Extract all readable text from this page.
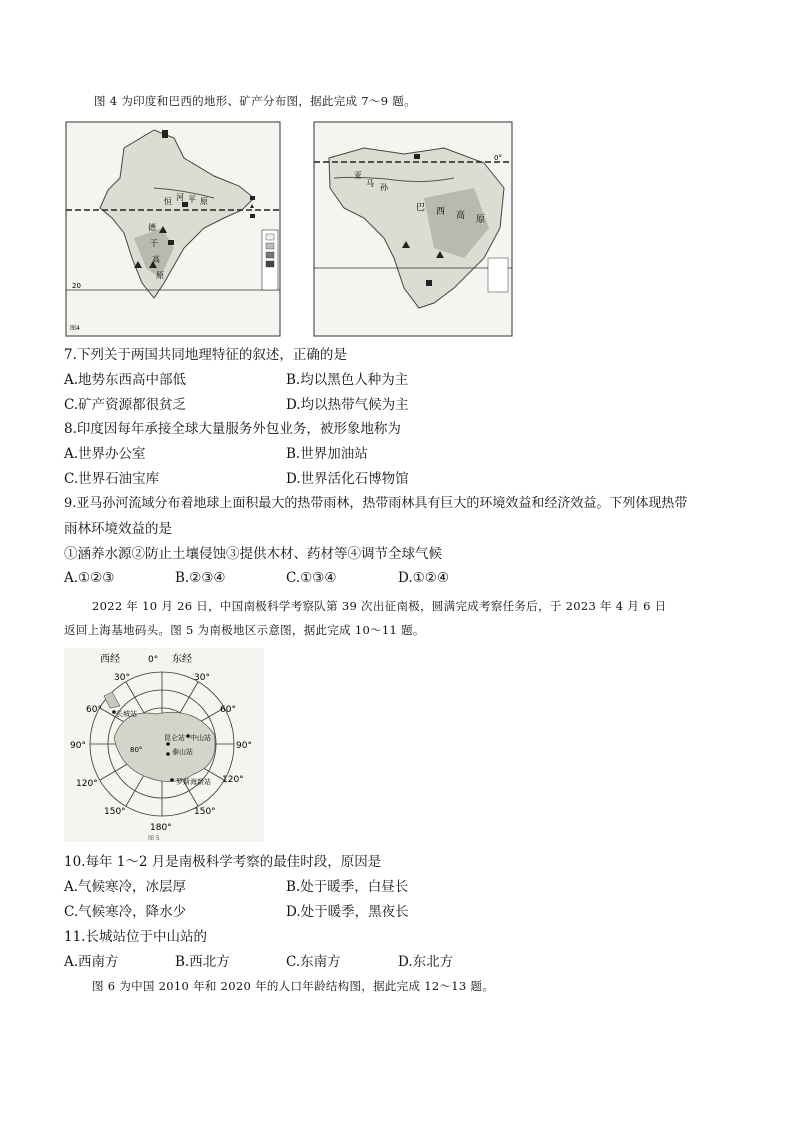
图 4 为印度和巴西的地形、矿产分布图，据此完成 7～9 题。
20
恒 河 平 原
德
干
高
原
图4
0°
亚
马 孙
巴 西 高 原
7.下列关于两国共同地理特征的叙述，正确的是
A.地势东西高中部低	B.均以黑色人种为主
C.矿产资源都很贫乏	D.均以热带气候为主
8.印度因每年承接全球大量服务外包业务，被形象地称为
A.世界办公室	B.世界加油站
C.世界石油宝库	D.世界活化石博物馆
9.亚马孙河流域分布着地球上面积最大的热带雨林，热带雨林具有巨大的环境效益和经济效益。下列体现热带
雨林环境效益的是
①涵养水源②防止土壤侵蚀③提供木材、药材等④调节全球气候
A.①②③	B.②③④	C.①③④	D.①②④
2022 年 10 月 26 日，中国南极科学考察队第 39 次出征南极，圆满完成考察任务后，于 2023 年 4 月 6 日
返回上海基地码头。图 5 为南极地区示意图，据此完成 10～11 题。
西经	0° 东经
30°	30°
60°	60°
90°	90°
120°	120°
150°	150°
180°
80°
长城站
中山站
昆仑站
泰山站
罗斯海新站
图 5
10.每年 1～2 月是南极科学考察的最佳时段，原因是
A.气候寒冷，冰层厚	B.处于暖季，白昼长
C.气候寒冷，降水少	D.处于暖季，黑夜长
11.长城站位于中山站的
A.西南方	B.西北方	C.东南方	D.东北方
图 6 为中国 2010 年和 2020 年的人口年龄结构图，据此完成 12～13 题。
